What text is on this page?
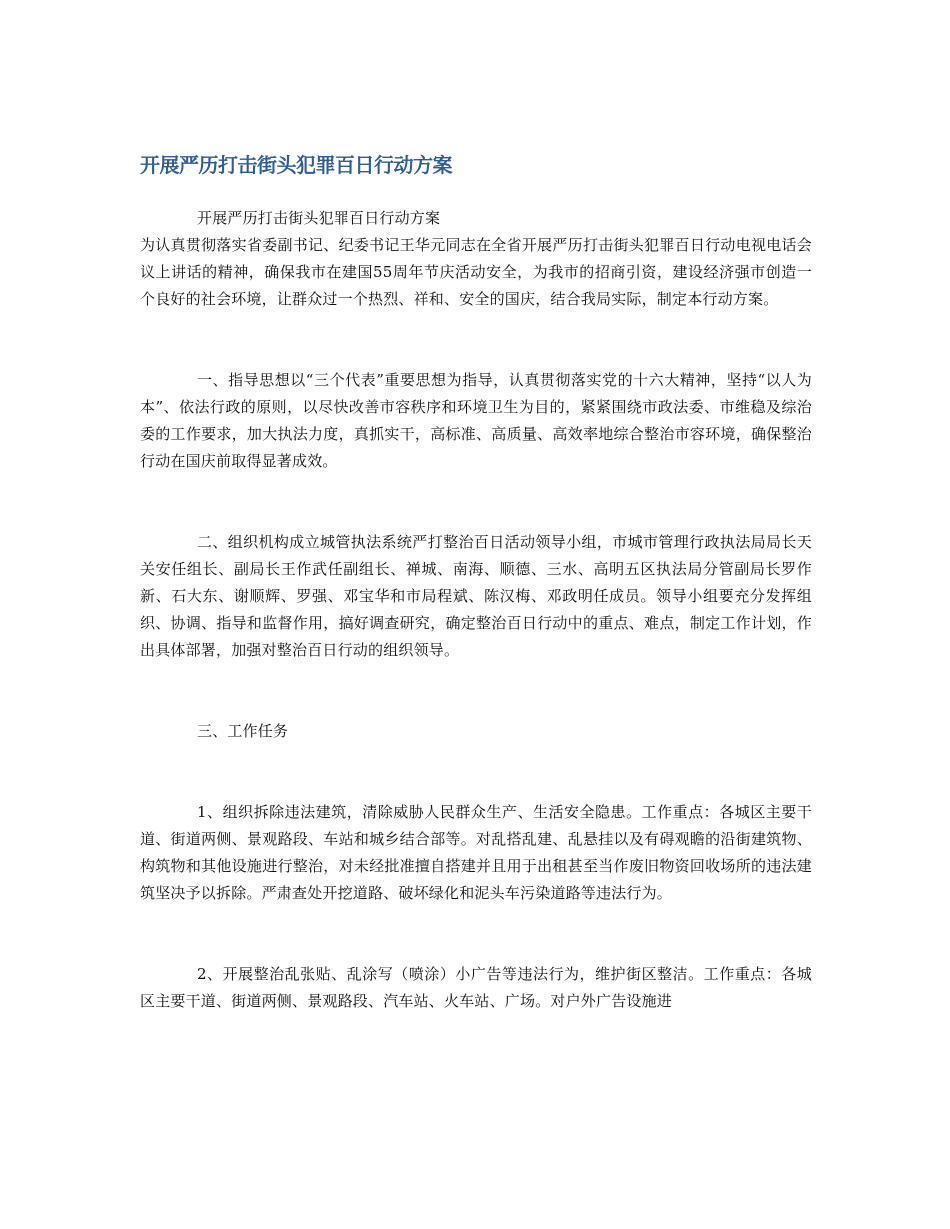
开展严历打击街头犯罪百日行动方案

开展严历打击街头犯罪百日行动方案

为认真贯彻落实省委副书记、纪委书记王华元同志在全省开展严历打击街头犯罪百日行动电视电话会议上讲话的精神，确保我市在建国55周年节庆活动安全，为我市的招商引资，建设经济强市创造一个良好的社会环境，让群众过一个热烈、祥和、安全的国庆，结合我局实际，制定本行动方案。

一、指导思想以“三个代表”重要思想为指导，认真贯彻落实党的十六大精神，坚持“以人为本”、依法行政的原则，以尽快改善市容秩序和环境卫生为目的，紧紧围绕市政法委、市维稳及综治委的工作要求，加大执法力度，真抓实干，高标准、高质量、高效率地综合整治市容环境，确保整治行动在国庆前取得显著成效。

二、组织机构成立城管执法系统严打整治百日活动领导小组，市城市管理行政执法局局长天关安任组长、副局长王作武任副组长、禅城、南海、顺德、三水、高明五区执法局分管副局长罗作新、石大东、谢顺辉、罗强、邓宝华和市局程斌、陈汉梅、邓政明任成员。领导小组要充分发挥组织、协调、指导和监督作用，搞好调查研究，确定整治百日行动中的重点、难点，制定工作计划，作出具体部署，加强对整治百日行动的组织领导。

三、工作任务

1、组织拆除违法建筑，清除威胁人民群众生产、生活安全隐患。工作重点：各城区主要干道、街道两侧、景观路段、车站和城乡结合部等。对乱搭乱建、乱悬挂以及有碍观瞻的沿街建筑物、构筑物和其他设施进行整治，对未经批准擅自搭建并且用于出租甚至当作废旧物资回收场所的违法建筑坚决予以拆除。严肃查处开挖道路、破坏绿化和泥头车污染道路等违法行为。

2、开展整治乱张贴、乱涂写（喷涂）小广告等违法行为，维护街区整洁。工作重点：各城区主要干道、街道两侧、景观路段、汽车站、火车站、广场。对户外广告设施进
